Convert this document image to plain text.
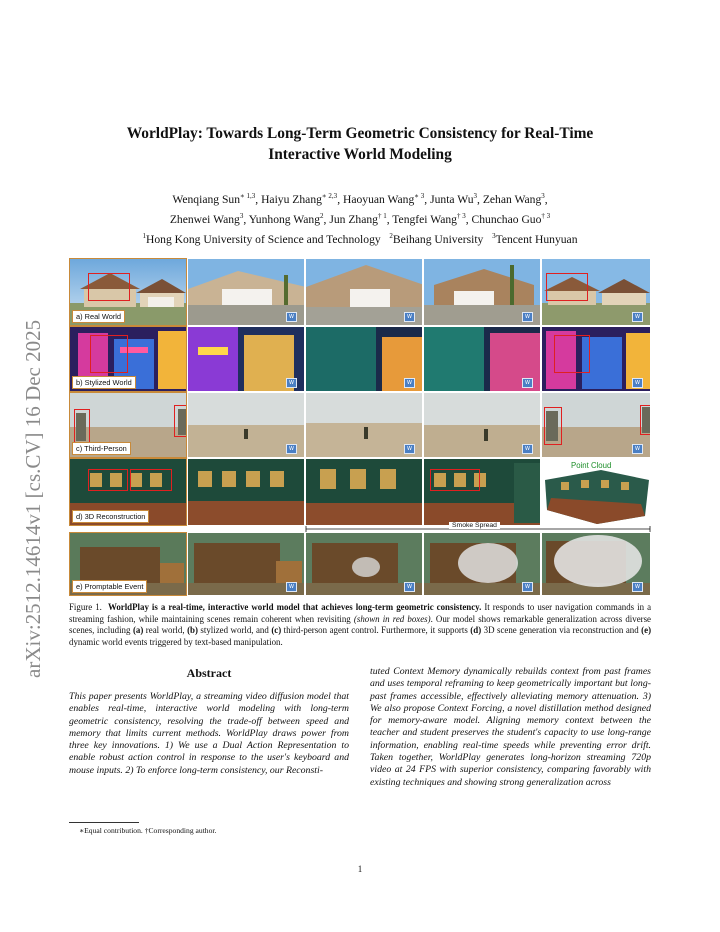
arXiv:2512.14614v1 [cs.CV] 16 Dec 2025
WorldPlay: Towards Long-Term Geometric Consistency for Real-Time
Interactive World Modeling
Wenqiang Sun$^{∗ 1,3}$, Haiyu Zhang$^{∗ 2,3}$, Haoyuan Wang$^{∗ 3}$, Junta Wu$^3$, Zehan Wang$^3$,
Zhenwei Wang$^3$, Yunhong Wang$^2$, Jun Zhang$^{\dagger 1}$, Tengfei Wang$^{\dagger 3}$, Chunchao Guo$^{\dagger 3}$
$^1$Hong Kong University of Science and Technology $^2$Beihang University $^3$Tencent Hunyuan
a) Real World	W	W	W	W
b) Stylized World	W	W	W	W
c) Third-Person	W	W	W	W
d) 3D Reconstruction
Point Cloud
Smoke Spread
e) Promptable Event	W	W	W	W
Figure 1. WorldPlay is a real-time, interactive world model that achieves long-term geometric consistency. It responds to user navigation commands in a streaming fashion, while maintaining scenes remain coherent when revisiting (shown in red boxes). Our model shows remarkable generalization across diverse scenes, including (a) real world, (b) stylized world, and (c) third-person agent control. Furthermore, it supports (d) 3D scene generation via reconstruction and (e) dynamic world events triggered by text-based manipulation.
Abstract
This paper presents WorldPlay, a streaming video diffusion model that enables real-time, interactive world modeling with long-term geometric consistency, resolving the trade-off between speed and memory that limits current methods. WorldPlay draws power from three key innovations. 1) We use a Dual Action Representation to enable robust action control in response to the user's keyboard and mouse inputs. 2) To enforce long-term consistency, our Reconsti-
tuted Context Memory dynamically rebuilds context from past frames and uses temporal reframing to keep geometrically important but long-past frames accessible, effectively alleviating memory attenuation. 3) We also propose Context Forcing, a novel distillation method designed for memory-aware model. Aligning memory context between the teacher and student preserves the student's capacity to use long-range information, enabling real-time speeds while preventing error drift. Taken together, WorldPlay generates long-horizon streaming 720p video at 24 FPS with superior consistency, comparing favorably with existing techniques and showing strong generalization across
∗Equal contribution. †Corresponding author.
1
